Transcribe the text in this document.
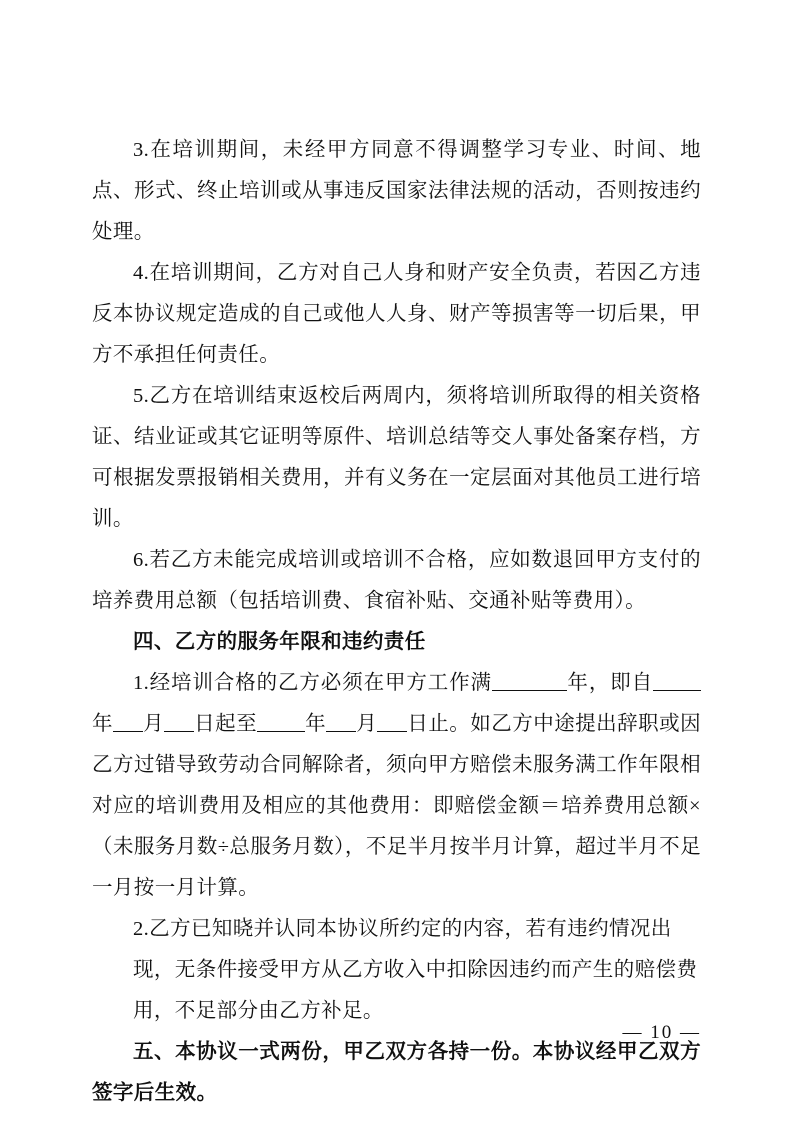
3.在培训期间，未经甲方同意不得调整学习专业、时间、地点、形式、终止培训或从事违反国家法律法规的活动，否则按违约处理。

4.在培训期间，乙方对自己人身和财产安全负责，若因乙方违反本协议规定造成的自己或他人人身、财产等损害等一切后果，甲方不承担任何责任。

5.乙方在培训结束返校后两周内，须将培训所取得的相关资格证、结业证或其它证明等原件、培训总结等交人事处备案存档，方可根据发票报销相关费用，并有义务在一定层面对其他员工进行培训。

6.若乙方未能完成培训或培训不合格，应如数退回甲方支付的培养费用总额（包括培训费、食宿补贴、交通补贴等费用）。

四、乙方的服务年限和违约责任

1.经培训合格的乙方必须在甲方工作满	年，即自年 月 日起至 年 月 日止。如乙方中途提出辞职或因乙方过错导致劳动合同解除者，须向甲方赔偿未服务满工作年限相对应的培训费用及相应的其他费用：即赔偿金额＝培养费用总额×（未服务月数÷总服务月数），不足半月按半月计算，超过半月不足一月按一月计算。

2.乙方已知晓并认同本协议所约定的内容，若有违约情况出

现，无条件接受甲方从乙方收入中扣除因违约而产生的赔偿费

用，不足部分由乙方补足。

五、本协议一式两份，甲乙双方各持一份。本协议经甲乙双方签字后生效。

— 10 —
